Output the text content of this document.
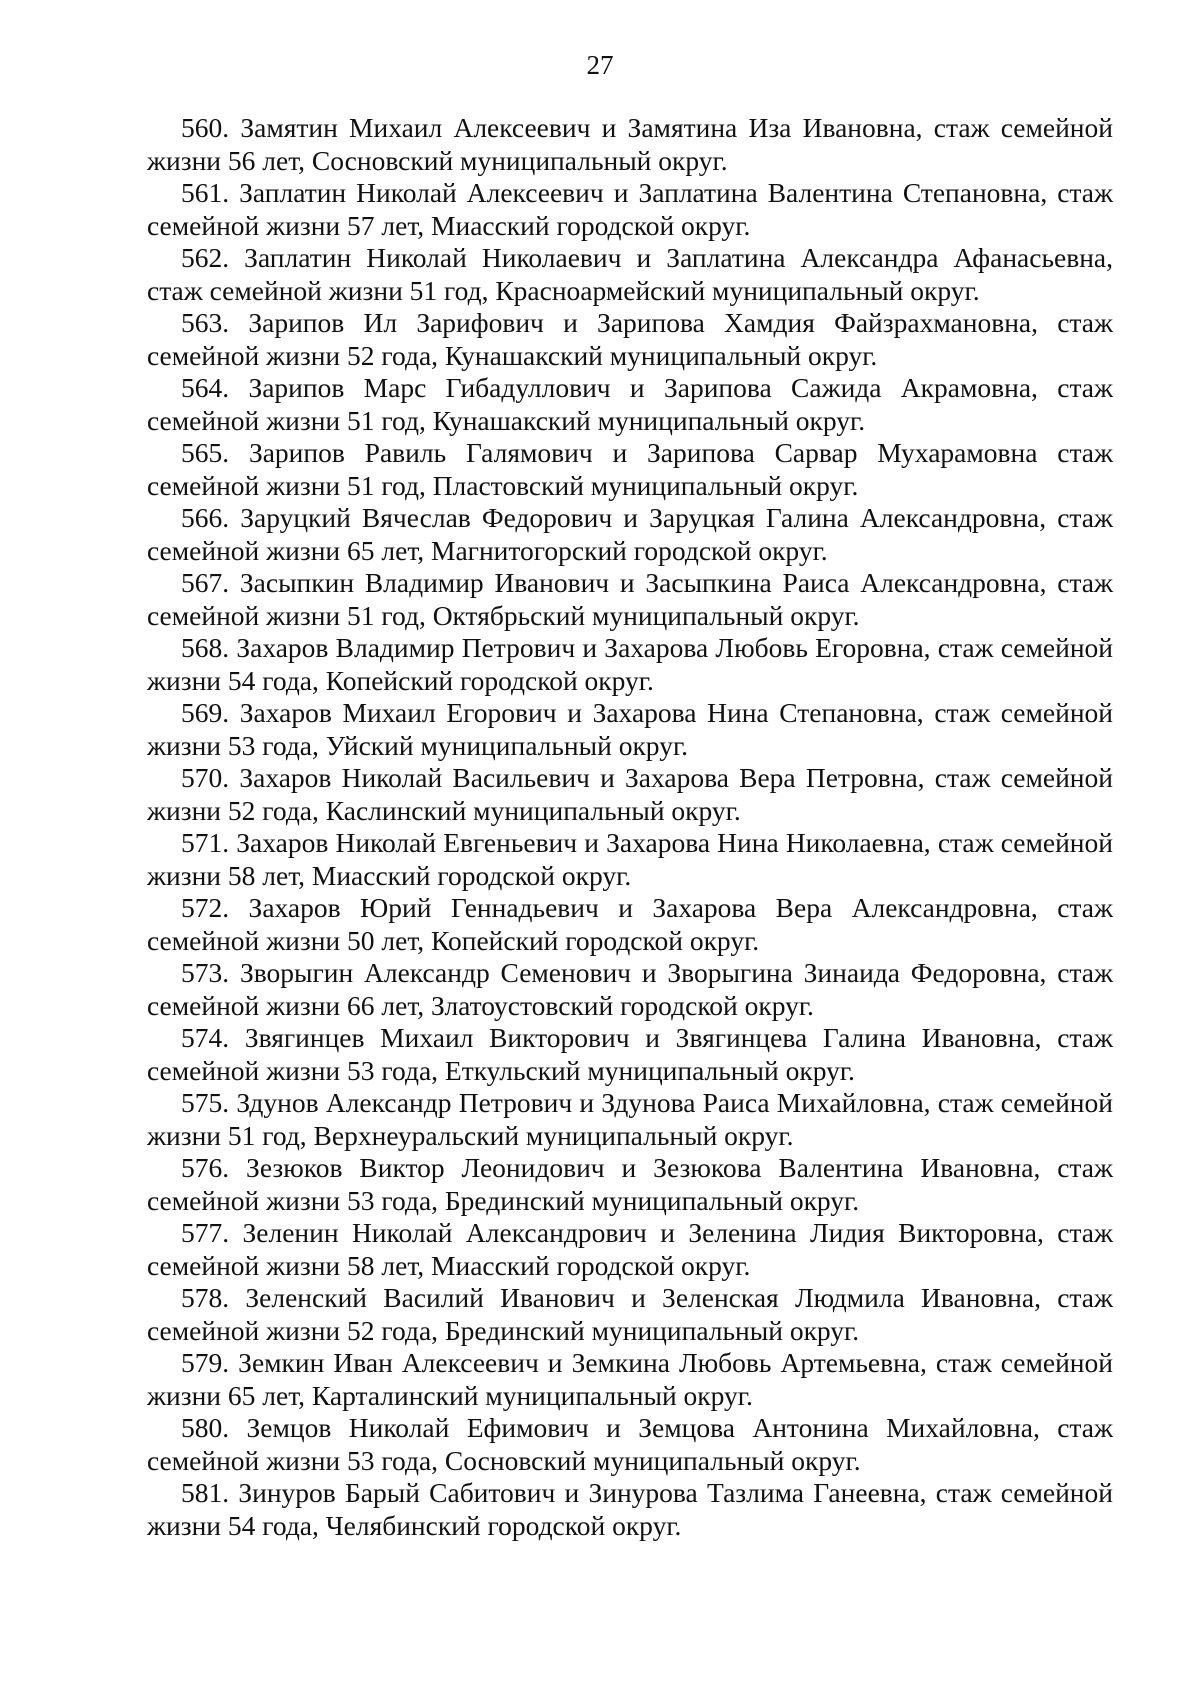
27
560. Замятин Михаил Алексеевич и Замятина Иза Ивановна, стаж семейной жизни 56 лет, Сосновский муниципальный округ.
561. Заплатин Николай Алексеевич и Заплатина Валентина Степановна, стаж семейной жизни 57 лет, Миасский городской округ.
562. Заплатин Николай Николаевич и Заплатина Александра Афанасьевна, стаж семейной жизни 51 год, Красноармейский муниципальный округ.
563. Зарипов Ил Зарифович и Зарипова Хамдия Файзрахмановна, стаж семейной жизни 52 года, Кунашакский муниципальный округ.
564. Зарипов Марс Гибадуллович и Зарипова Сажида Акрамовна, стаж семейной жизни 51 год, Кунашакский муниципальный округ.
565. Зарипов Равиль Галямович и Зарипова Сарвар Мухарамовна стаж семейной жизни 51 год, Пластовский муниципальный округ.
566. Заруцкий Вячеслав Федорович и Заруцкая Галина Александровна, стаж семейной жизни 65 лет, Магнитогорский городской округ.
567. Засыпкин Владимир Иванович и Засыпкина Раиса Александровна, стаж семейной жизни 51 год, Октябрьский муниципальный округ.
568. Захаров Владимир Петрович и Захарова Любовь Егоровна, стаж семейной жизни 54 года, Копейский городской округ.
569. Захаров Михаил Егорович и Захарова Нина Степановна, стаж семейной жизни 53 года, Уйский муниципальный округ.
570. Захаров Николай Васильевич и Захарова Вера Петровна, стаж семейной жизни 52 года, Каслинский муниципальный округ.
571. Захаров Николай Евгеньевич и Захарова Нина Николаевна, стаж семейной жизни 58 лет, Миасский городской округ.
572. Захаров Юрий Геннадьевич и Захарова Вера Александровна, стаж семейной жизни 50 лет, Копейский городской округ.
573. Зворыгин Александр Семенович и Зворыгина Зинаида Федоровна, стаж семейной жизни 66 лет, Златоустовский городской округ.
574. Звягинцев Михаил Викторович и Звягинцева Галина Ивановна, стаж семейной жизни 53 года, Еткульский муниципальный округ.
575. Здунов Александр Петрович и Здунова Раиса Михайловна, стаж семейной жизни 51 год, Верхнеуральский муниципальный округ.
576. Зезюков Виктор Леонидович и Зезюкова Валентина Ивановна, стаж семейной жизни 53 года, Брединский муниципальный округ.
577. Зеленин Николай Александрович и Зеленина Лидия Викторовна, стаж семейной жизни 58 лет, Миасский городской округ.
578. Зеленский Василий Иванович и Зеленская Людмила Ивановна, стаж семейной жизни 52 года, Брединский муниципальный округ.
579. Земкин Иван Алексеевич и Земкина Любовь Артемьевна, стаж семейной жизни 65 лет, Карталинский муниципальный округ.
580. Земцов Николай Ефимович и Земцова Антонина Михайловна, стаж семейной жизни 53 года, Сосновский муниципальный округ.
581. Зинуров Барый Сабитович и Зинурова Тазлима Ганеевна, стаж семейной жизни 54 года, Челябинский городской округ.
